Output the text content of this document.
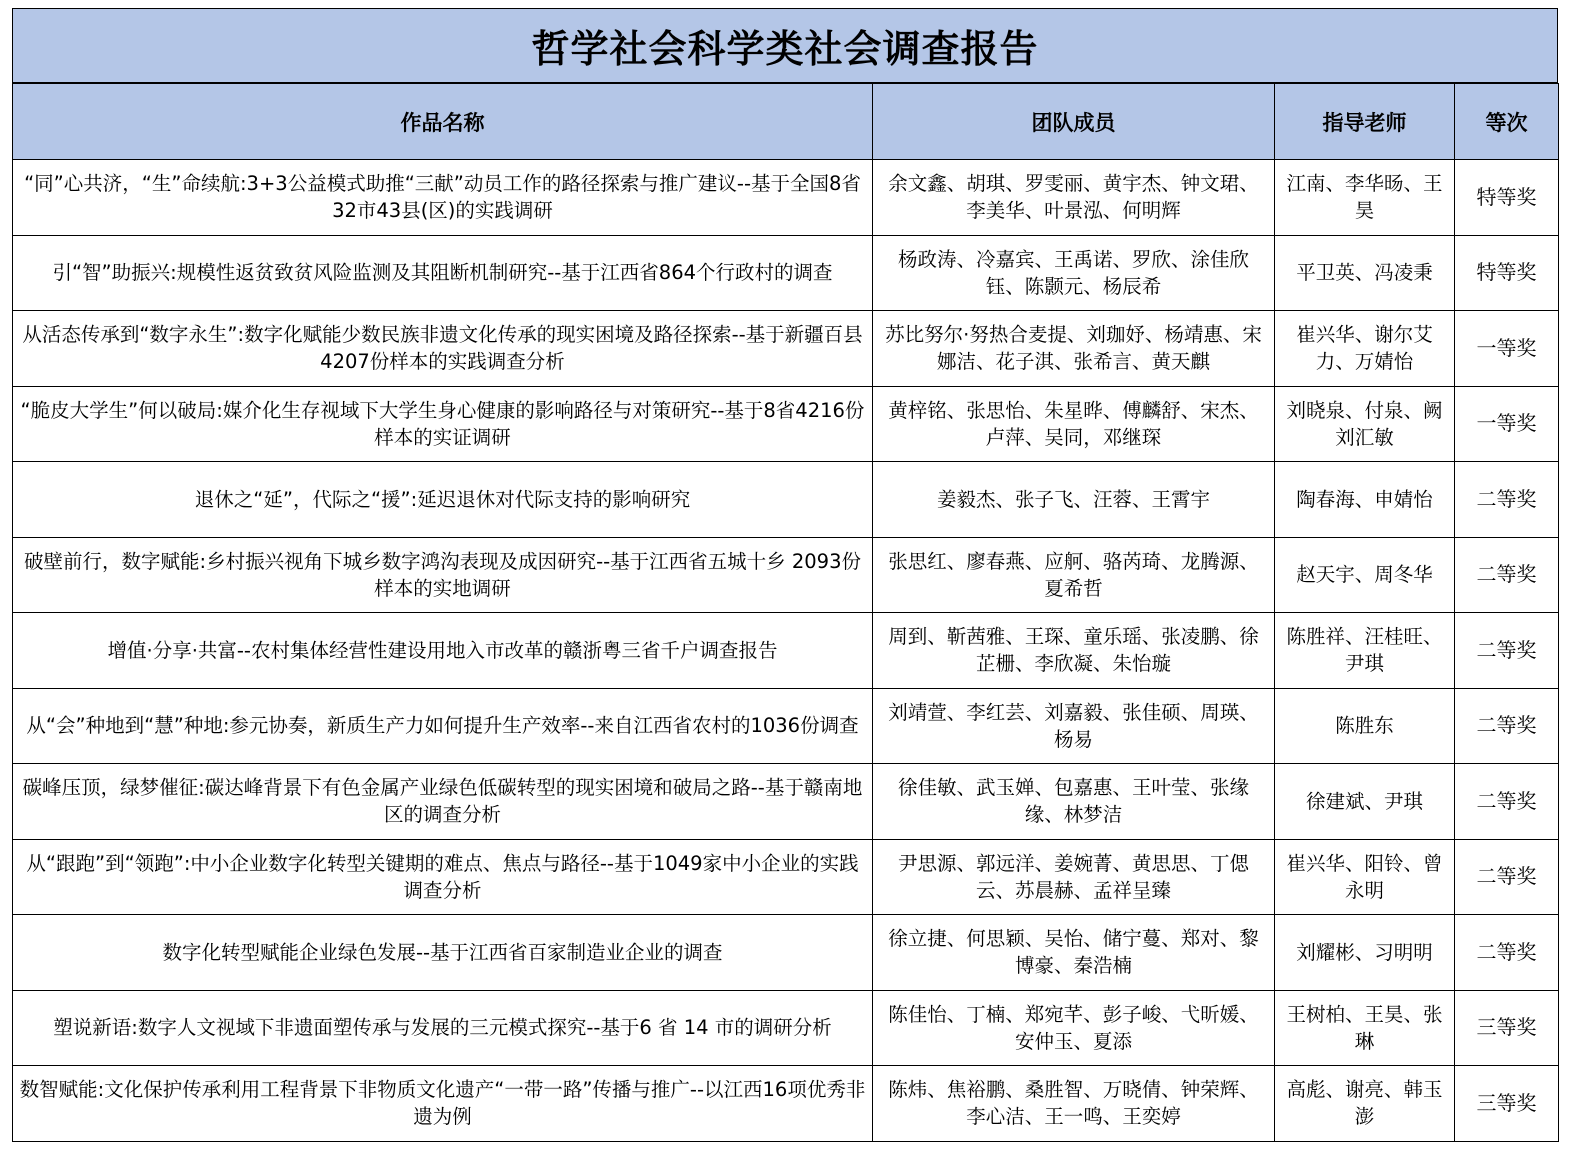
哲学社会科学类社会调查报告
作品名称	团队成员	指导老师	等次
“同”心共济，“生”命续航:3+3公益模式助推“三献”动员工作的路径探索与推广建议--基于全国8省32市43县(区)的实践调研	余文鑫、胡琪、罗雯丽、黄宇杰、钟文珺、李美华、叶景泓、何明辉	江南、李华旸、王昊	特等奖
引“智”助振兴:规模性返贫致贫风险监测及其阻断机制研究--基于江西省864个行政村的调查	杨政涛、冷嘉宾、王禹诺、罗欣、涂佳欣钰、陈颢元、杨辰希	平卫英、冯凌秉	特等奖
从活态传承到“数字永生”:数字化赋能少数民族非遗文化传承的现实困境及路径探索--基于新疆百县4207份样本的实践调查分析	苏比努尔·努热合麦提、刘珈妤、杨靖惠、宋娜洁、花子淇、张希言、黄天麒	崔兴华、谢尔艾力、万婧怡	一等奖
“脆皮大学生”何以破局:媒介化生存视域下大学生身心健康的影响路径与对策研究--基于8省4216份样本的实证调研	黄梓铭、张思怡、朱星晔、傅麟舒、宋杰、卢萍、吴同，邓继琛	刘晓泉、付泉、阙刘汇敏	一等奖
退休之“延”，代际之“援”:延迟退休对代际支持的影响研究	姜毅杰、张子飞、汪蓉、王霄宇	陶春海、申婧怡	二等奖
破壁前行，数字赋能:乡村振兴视角下城乡数字鸿沟表现及成因研究--基于江西省五城十乡 2093份样本的实地调研	张思红、廖春燕、应舸、骆芮琦、龙腾源、夏希哲	赵天宇、周冬华	二等奖
增值·分享·共富--农村集体经营性建设用地入市改革的赣浙粤三省千户调查报告	周到、靳茜雅、王琛、童乐瑶、张凌鹏、徐芷栅、李欣凝、朱怡璇	陈胜祥、汪桂旺、尹琪	二等奖
从“会”种地到“慧”种地:参元协奏，新质生产力如何提升生产效率--来自江西省农村的1036份调查	刘靖萱、李红芸、刘嘉毅、张佳硕、周瑛、杨易	陈胜东	二等奖
碳峰压顶，绿梦催征:碳达峰背景下有色金属产业绿色低碳转型的现实困境和破局之路--基于赣南地区的调查分析	徐佳敏、武玉婵、包嘉惠、王叶莹、张缘缘、林梦洁	徐建斌、尹琪	二等奖
从“跟跑”到“领跑”:中小企业数字化转型关键期的难点、焦点与路径--基于1049家中小企业的实践调查分析	尹思源、郭远洋、姜婉菁、黄思思、丁偲云、苏晨赫、孟祥呈臻	崔兴华、阳铃、曾永明	二等奖
数字化转型赋能企业绿色发展--基于江西省百家制造业企业的调查	徐立捷、何思颖、吴怡、储宁蔓、郑对、黎博豪、秦浩楠	刘耀彬、习明明	二等奖
塑说新语:数字人文视域下非遗面塑传承与发展的三元模式探究--基于6 省 14 市的调研分析	陈佳怡、丁楠、郑宛芊、彭子峻、弋昕媛、安仲玉、夏添	王树柏、王昊、张琳	三等奖
数智赋能:文化保护传承利用工程背景下非物质文化遗产“一带一路”传播与推广--以江西16项优秀非遗为例	陈炜、焦裕鹏、桑胜智、万晓倩、钟荣辉、李心洁、王一鸣、王奕婷	高彪、谢亮、韩玉澎	三等奖
